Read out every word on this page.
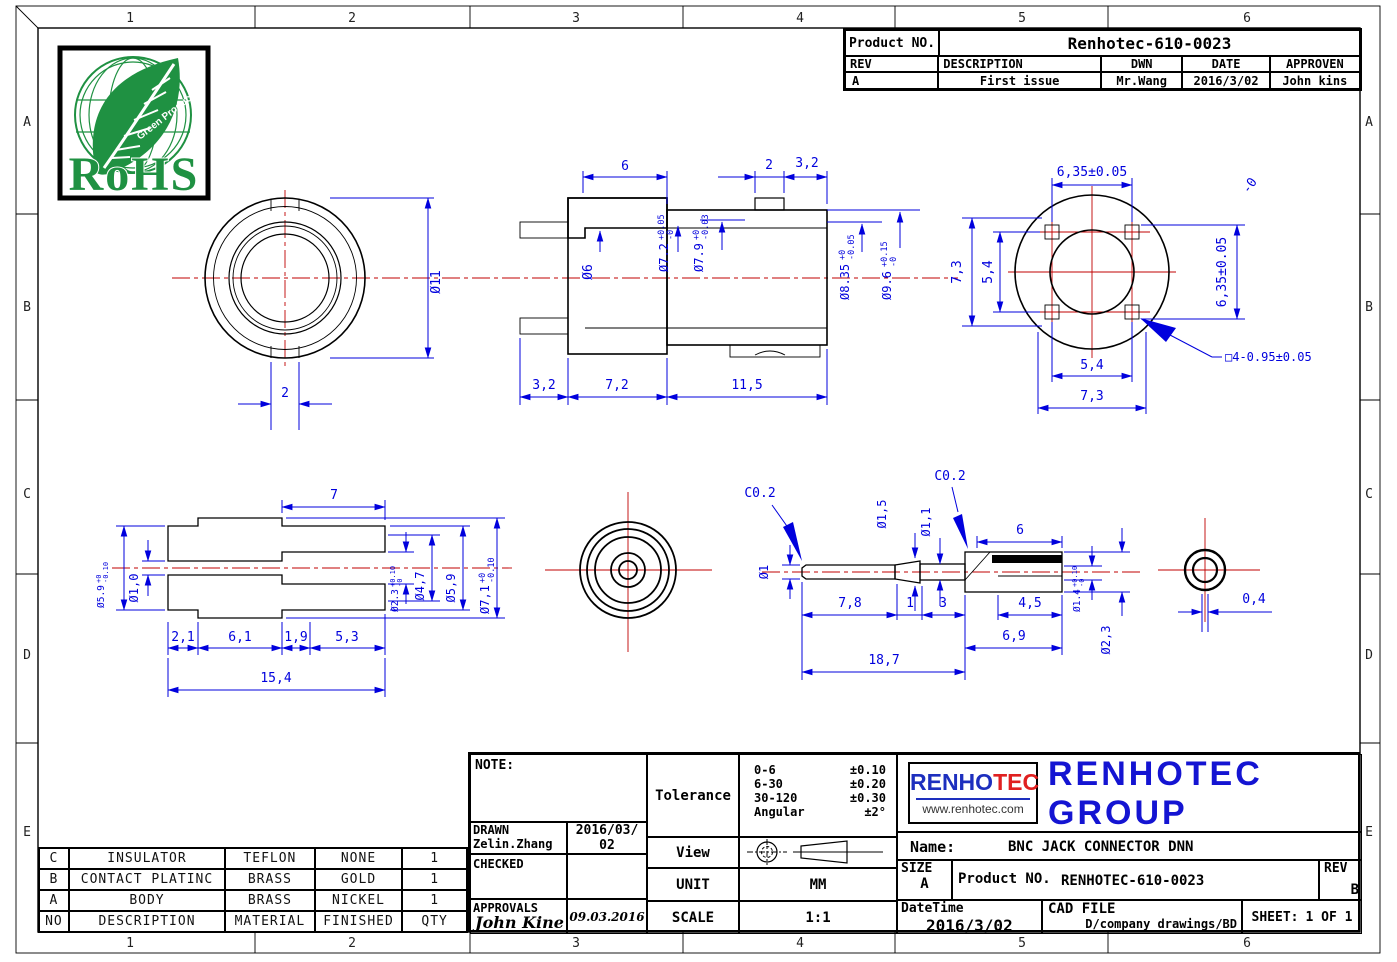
1	2	3	4	5	6
1	2	3	4	5	6
A
B
C
D
E
A
B
C
D
E
Ø11
2
6	2 3,2
Ø6	Ø7.2
+0.05 -0
Ø7.9
+0 -0.03
Ø8.35
+0 -0.05
Ø9.6
+0.15 -0
3,2	7,2	11,5
6,35±0.05
7,3 5,4	6,35±0.05
5,4
7,3
□4-0.95±0.05
-0
7
Ø5.9
+0 -0.10
Ø1,0	Ø2.3
+0.10 -0 Ø4,7 Ø5,9 Ø7,1
+0 -0.10
2,1	6,1	1,9 5,3
15,4
C0.2
Ø1
Ø1,5	Ø1,1
C0.2
6
7,8	1 3	4,5
6,9
18,7
Ø1.4
+0.10 -0
Ø2,3
0,4
Green Product
RoHS
Product NO.	Renhotec-610-0023
REV	DESCRIPTION	DWN	DATE	APPROVEN
A	First issue	Mr.Wang	2016/3/02	John kins
NOTE:
DRAWN
Zelin.Zhang
2016/03/
02
CHECKED
APPROVALS
John Kine 09.03.2016
Tolerance
0-6	±0.10
6-30	±0.20
30-120	±0.30
Angular	±2°
View
UNIT	MM
SCALE	1:1
RENHOTEC
www.renhotec.com
RENHOTEC GROUP
Name:	BNC JACK CONNECTOR DNN
SIZE
A	Product NO. RENHOTEC-610-0023
REV
B
DateTime
2016/3/02
CAD FILE
D/company drawings/BD	SHEET: 1 OF 1
C	INSULATOR	TEFLON	NONE	1
B	CONTACT PLATINC	BRASS	GOLD	1
A	BODY	BRASS	NICKEL	1
NO	DESCRIPTION	MATERIAL	FINISHED	QTY
